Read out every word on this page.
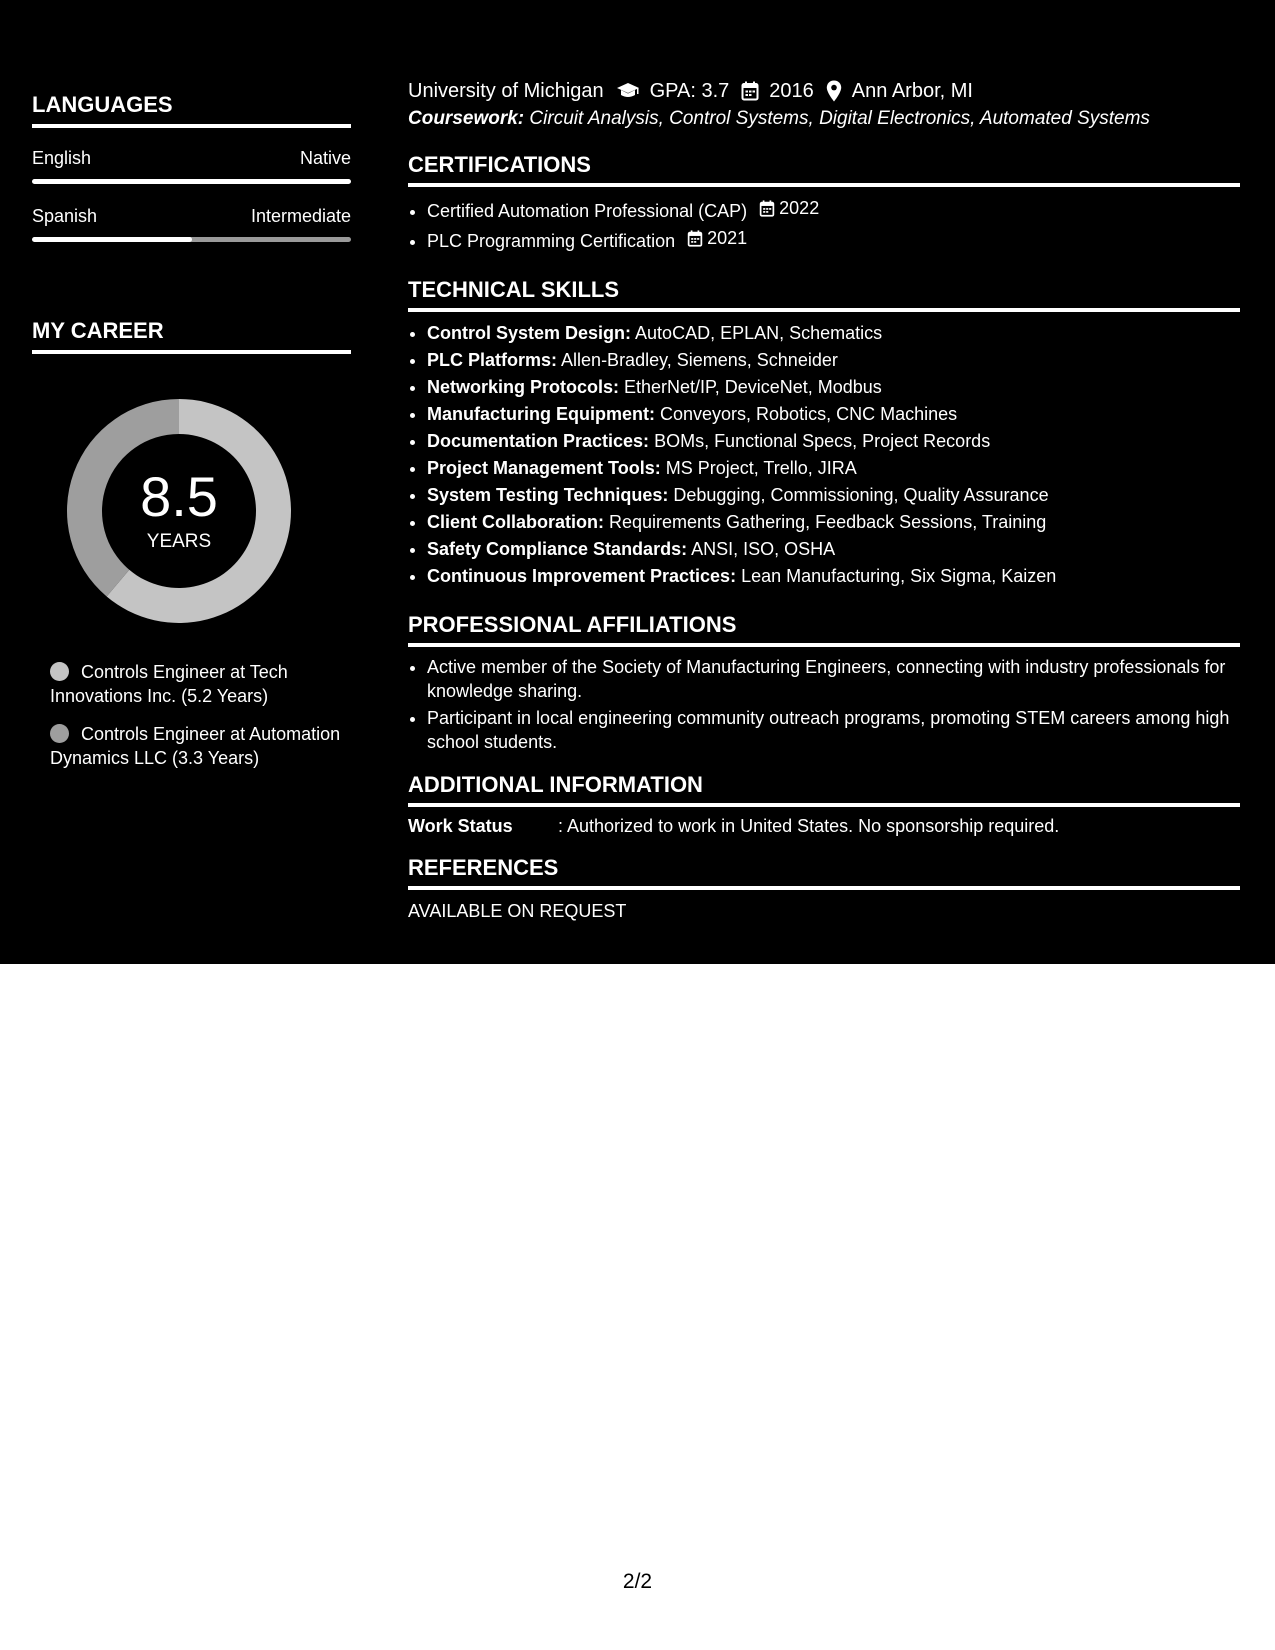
LANGUAGES
English	Native
Spanish	Intermediate
MY CAREER
8.5
YEARS
Controls Engineer at Tech Innovations Inc. (5.2 Years)
Controls Engineer at Automation Dynamics LLC (3.3 Years)
University of Michigan GPA: 3.7 2016 Ann Arbor, MI
Coursework: Circuit Analysis, Control Systems, Digital Electronics, Automated Systems
CERTIFICATIONS
• Certified Automation Professional (CAP) 2022
• PLC Programming Certification 2021
TECHNICAL SKILLS
• Control System Design: AutoCAD, EPLAN, Schematics
• PLC Platforms: Allen-Bradley, Siemens, Schneider
• Networking Protocols: EtherNet/IP, DeviceNet, Modbus
• Manufacturing Equipment: Conveyors, Robotics, CNC Machines
• Documentation Practices: BOMs, Functional Specs, Project Records
• Project Management Tools: MS Project, Trello, JIRA
• System Testing Techniques: Debugging, Commissioning, Quality Assurance
• Client Collaboration: Requirements Gathering, Feedback Sessions, Training
• Safety Compliance Standards: ANSI, ISO, OSHA
• Continuous Improvement Practices: Lean Manufacturing, Six Sigma, Kaizen
PROFESSIONAL AFFILIATIONS
• Active member of the Society of Manufacturing Engineers, connecting with industry professionals for knowledge sharing.
• Participant in local engineering community outreach programs, promoting STEM careers among high school students.
ADDITIONAL INFORMATION
Work Status	: Authorized to work in United States. No sponsorship required.
REFERENCES
AVAILABLE ON REQUEST
2/2
